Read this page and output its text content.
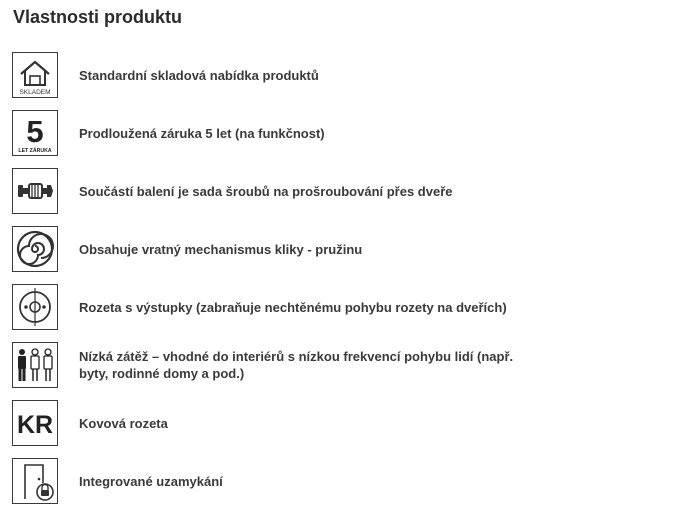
Vlastnosti produktu
SKLADEM
Standardní skladová nabídka produktů
5
LET ZÁRUKA
Prodloužená záruka 5 let (na funkčnost)
Součástí balení je sada šroubů na prošroubování přes dveře
Obsahuje vratný mechanismus kliky - pružinu
Rozeta s výstupky (zabraňuje nechtěnému pohybu rozety na dveřích)
Nízká zátěž – vhodné do interiérů s nízkou frekvencí pohybu lidí (např. byty, rodinné domy a pod.)
KR Kovová rozeta
Integrované uzamykání
